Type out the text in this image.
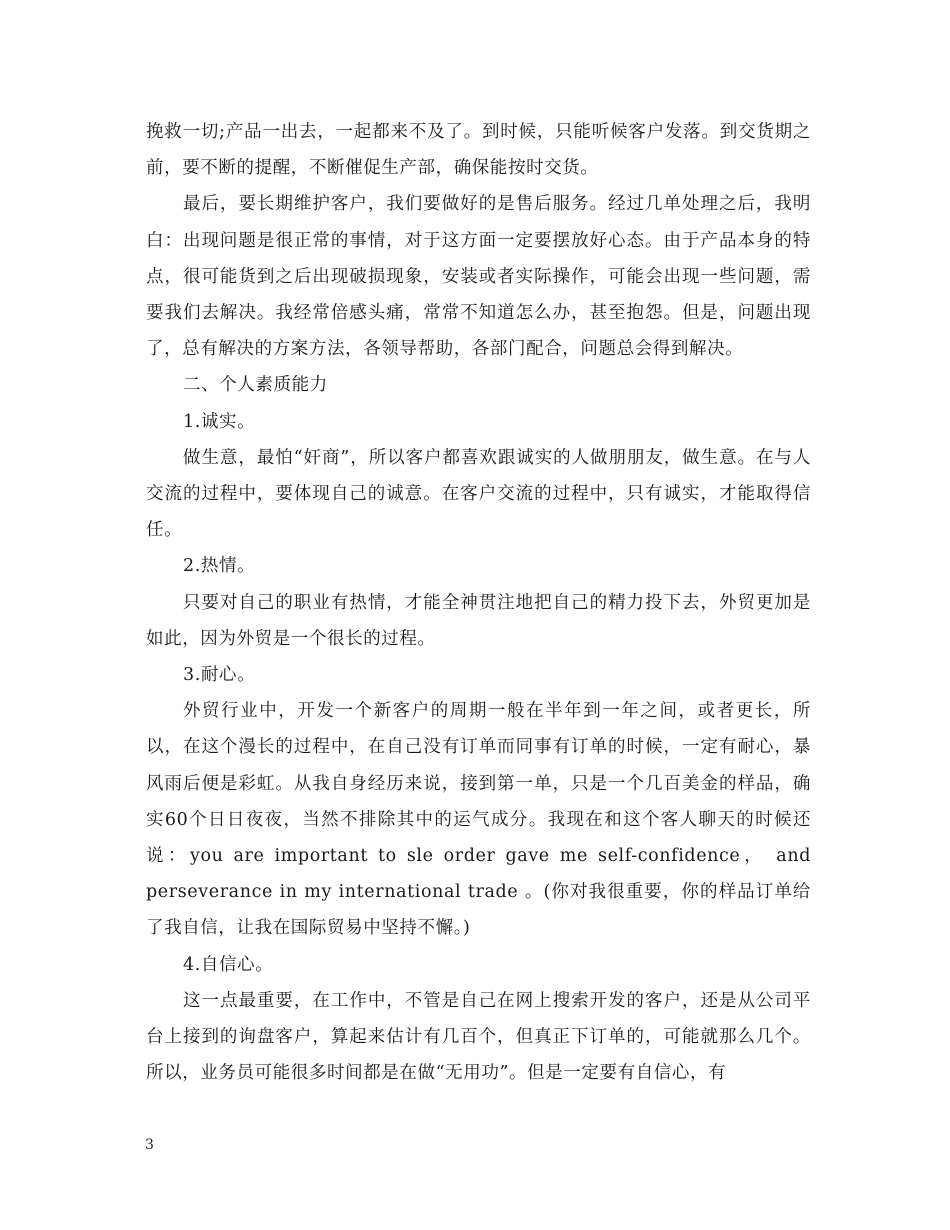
挽救一切;产品一出去，一起都来不及了。到时候，只能听候客户发落。到交货期之前，要不断的提醒，不断催促生产部，确保能按时交货。

最后，要长期维护客户，我们要做好的是售后服务。经过几单处理之后，我明白：出现问题是很正常的事情，对于这方面一定要摆放好心态。由于产品本身的特点，很可能货到之后出现破损现象，安装或者实际操作，可能会出现一些问题，需要我们去解决。我经常倍感头痛，常常不知道怎么办，甚至抱怨。但是，问题出现了，总有解决的方案方法，各领导帮助，各部门配合，问题总会得到解决。

二、个人素质能力

1.诚实。

做生意，最怕“奸商”，所以客户都喜欢跟诚实的人做朋朋友，做生意。在与人交流的过程中，要体现自己的诚意。在客户交流的过程中，只有诚实，才能取得信任。

2.热情。

只要对自己的职业有热情，才能全神贯注地把自己的精力投下去，外贸更加是如此，因为外贸是一个很长的过程。

3.耐心。

外贸行业中，开发一个新客户的周期一般在半年到一年之间，或者更长，所以，在这个漫长的过程中，在自己没有订单而同事有订单的时候，一定有耐心，暴风雨后便是彩虹。从我自身经历来说，接到第一单，只是一个几百美金的样品，确实60个日日夜夜，当然不排除其中的运气成分。我现在和这个客人聊天的时候还说：you are important to sle order gave me self-confidence， and perseverance in my international trade 。(你对我很重要，你的样品订单给了我自信，让我在国际贸易中坚持不懈。)

4.自信心。

这一点最重要，在工作中，不管是自己在网上搜索开发的客户，还是从公司平台上接到的询盘客户，算起来估计有几百个，但真正下订单的，可能就那么几个。所以，业务员可能很多时间都是在做“无用功”。但是一定要有自信心，有

3
